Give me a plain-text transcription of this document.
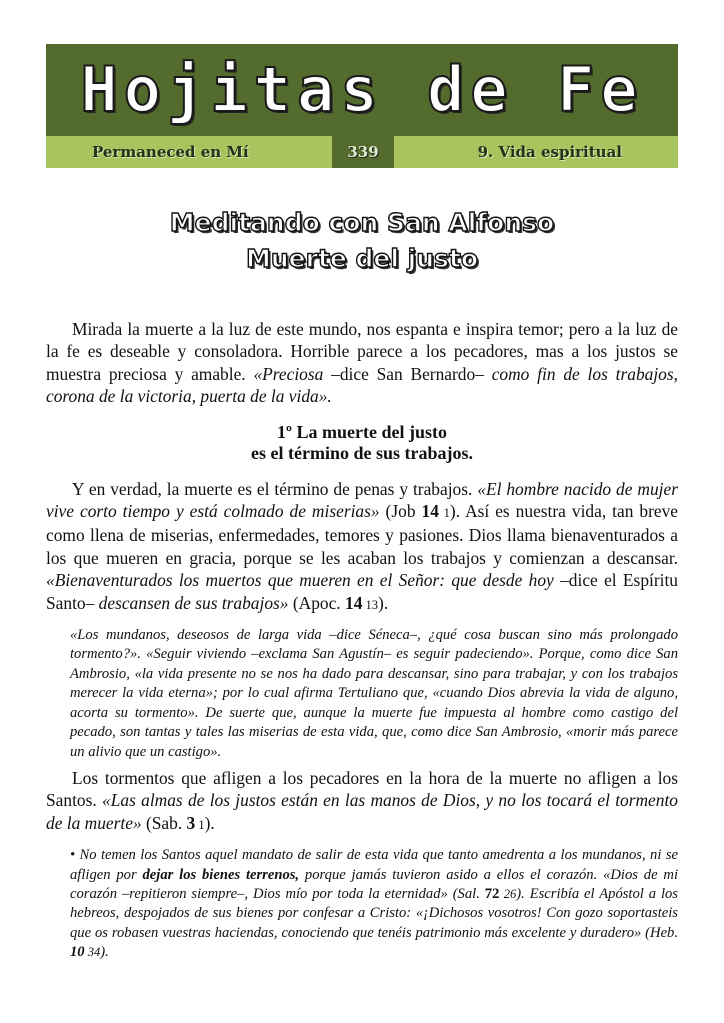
Hojitas de Fe
Permaneced en Mí	339	9. Vida espiritual
Meditando con San Alfonso
Muerte del justo

Mirada la muerte a la luz de este mundo, nos espanta e inspira temor; pero a la luz de la fe es deseable y consoladora. Horrible parece a los pecadores, mas a los justos se muestra preciosa y amable. «Preciosa –dice San Bernardo– como fin de los trabajos, corona de la victoria, puerta de la vida».

1º La muerte del justo
es el término de sus trabajos.

Y en verdad, la muerte es el término de penas y trabajos. «El hombre nacido de mujer vive corto tiempo y está colmado de miserias» (Job 14 1). Así es nuestra vida, tan breve como llena de miserias, enfermedades, temores y pasiones. Dios llama bienaventurados a los que mueren en gracia, porque se les acaban los trabajos y comienzan a descansar. «Bienaventurados los muertos que mueren en el Señor: que desde hoy –dice el Espíritu Santo– descansen de sus trabajos» (Apoc. 14 13).

«Los mundanos, deseosos de larga vida –dice Séneca–, ¿qué cosa buscan sino más prolongado tormento?». «Seguir viviendo –exclama San Agustín– es seguir padeciendo». Porque, como dice San Ambrosio, «la vida presente no se nos ha dado para descansar, sino para trabajar, y con los trabajos merecer la vida eterna»; por lo cual afirma Tertuliano que, «cuando Dios abrevia la vida de alguno, acorta su tormento». De suerte que, aunque la muerte fue impuesta al hombre como castigo del pecado, son tantas y tales las miserias de esta vida, que, como dice San Ambrosio, «morir más parece un alivio que un castigo».

Los tormentos que afligen a los pecadores en la hora de la muerte no afligen a los Santos. «Las almas de los justos están en las manos de Dios, y no los tocará el tormento de la muerte» (Sab. 3 1).

• No temen los Santos aquel mandato de salir de esta vida que tanto amedrenta a los mundanos, ni se afligen por dejar los bienes terrenos, porque jamás tuvieron asido a ellos el corazón. «Dios de mi corazón –repitieron siempre–, Dios mío por toda la eternidad» (Sal. 72 26). Escribía el Apóstol a los hebreos, despojados de sus bienes por confesar a Cristo: «¡Dichosos vosotros! Con gozo soportasteis que os robasen vuestras haciendas, conociendo que tenéis patrimonio más excelente y duradero» (Heb. 10 34).
